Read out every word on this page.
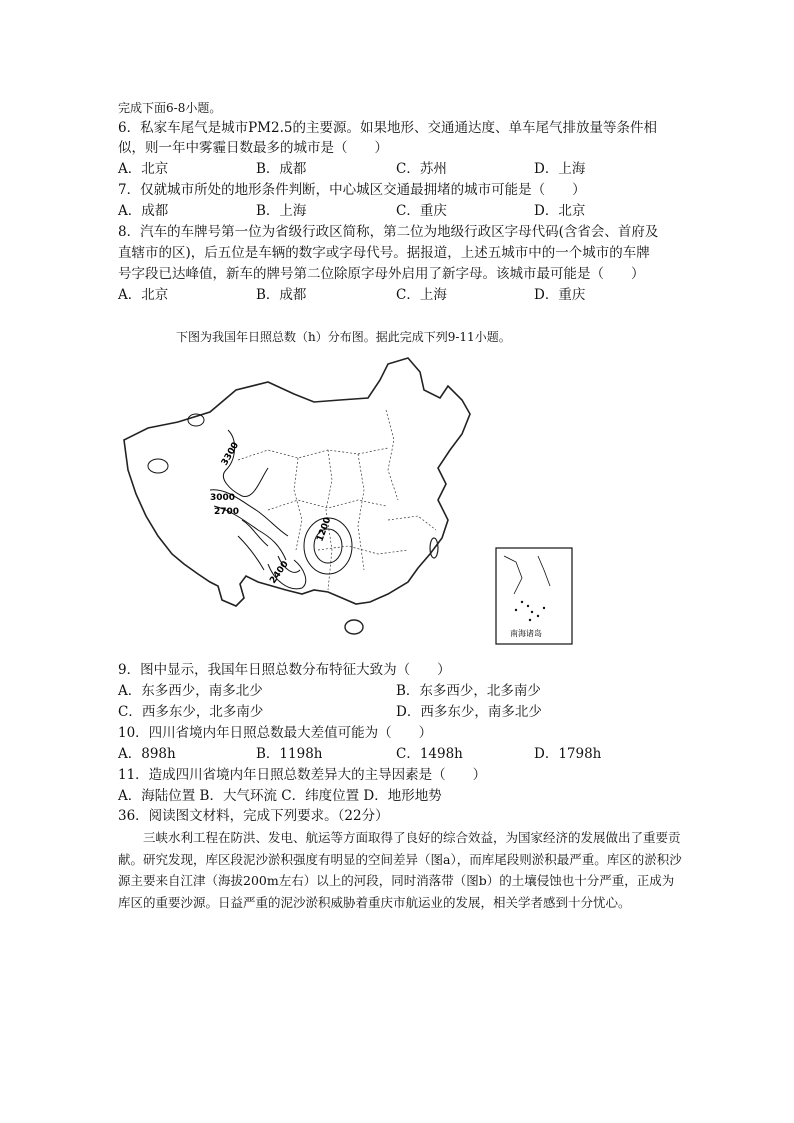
完成下面6-8小题。
6．私家车尾气是城市PM2.5的主要源。如果地形、交通通达度、单车尾气排放量等条件相
似，则一年中雾霾日数最多的城市是（　　）
A．北京	B．成都	C．苏州	D．上海
7．仅就城市所处的地形条件判断，中心城区交通最拥堵的城市可能是（　　）
A．成都	B．上海	C．重庆	D．北京
8．汽车的车牌号第一位为省级行政区简称，第二位为地级行政区字母代码(含省会、首府及
直辖市的区)，后五位是车辆的数字或字母代号。据报道，上述五城市中的一个城市的车牌
号字段已达峰值，新车的牌号第二位除原字母外启用了新字母。该城市最可能是（　　）
A．北京	B．成都	C．上海	D．重庆
下图为我国年日照总数（h）分布图。据此完成下列9-11小题。
3300
3000
2700
1200
2400
南海诸岛
9．图中显示，我国年日照总数分布特征大致为（　　）
A．东多西少，南多北少	B．东多西少，北多南少
C．西多东少，北多南少	D．西多东少，南多北少
10．四川省境内年日照总数最大差值可能为（　　）
A．898h	B．1198h	C．1498h	D．1798h
11．造成四川省境内年日照总数差异大的主导因素是（　　）
A．海陆位置 B．大气环流 C．纬度位置 D．地形地势
36．阅读图文材料，完成下列要求。（22分）

三峡水利工程在防洪、发电、航运等方面取得了良好的综合效益，为国家经济的发展做出了重要贡献。研究发现，库区段泥沙淤积强度有明显的空间差异（图a），而库尾段则淤积最严重。库区的淤积沙源主要来自江津（海拔200m左右）以上的河段，同时消落带（图b）的土壤侵蚀也十分严重，正成为库区的重要沙源。日益严重的泥沙淤积威胁着重庆市航运业的发展，相关学者感到十分忧心。
